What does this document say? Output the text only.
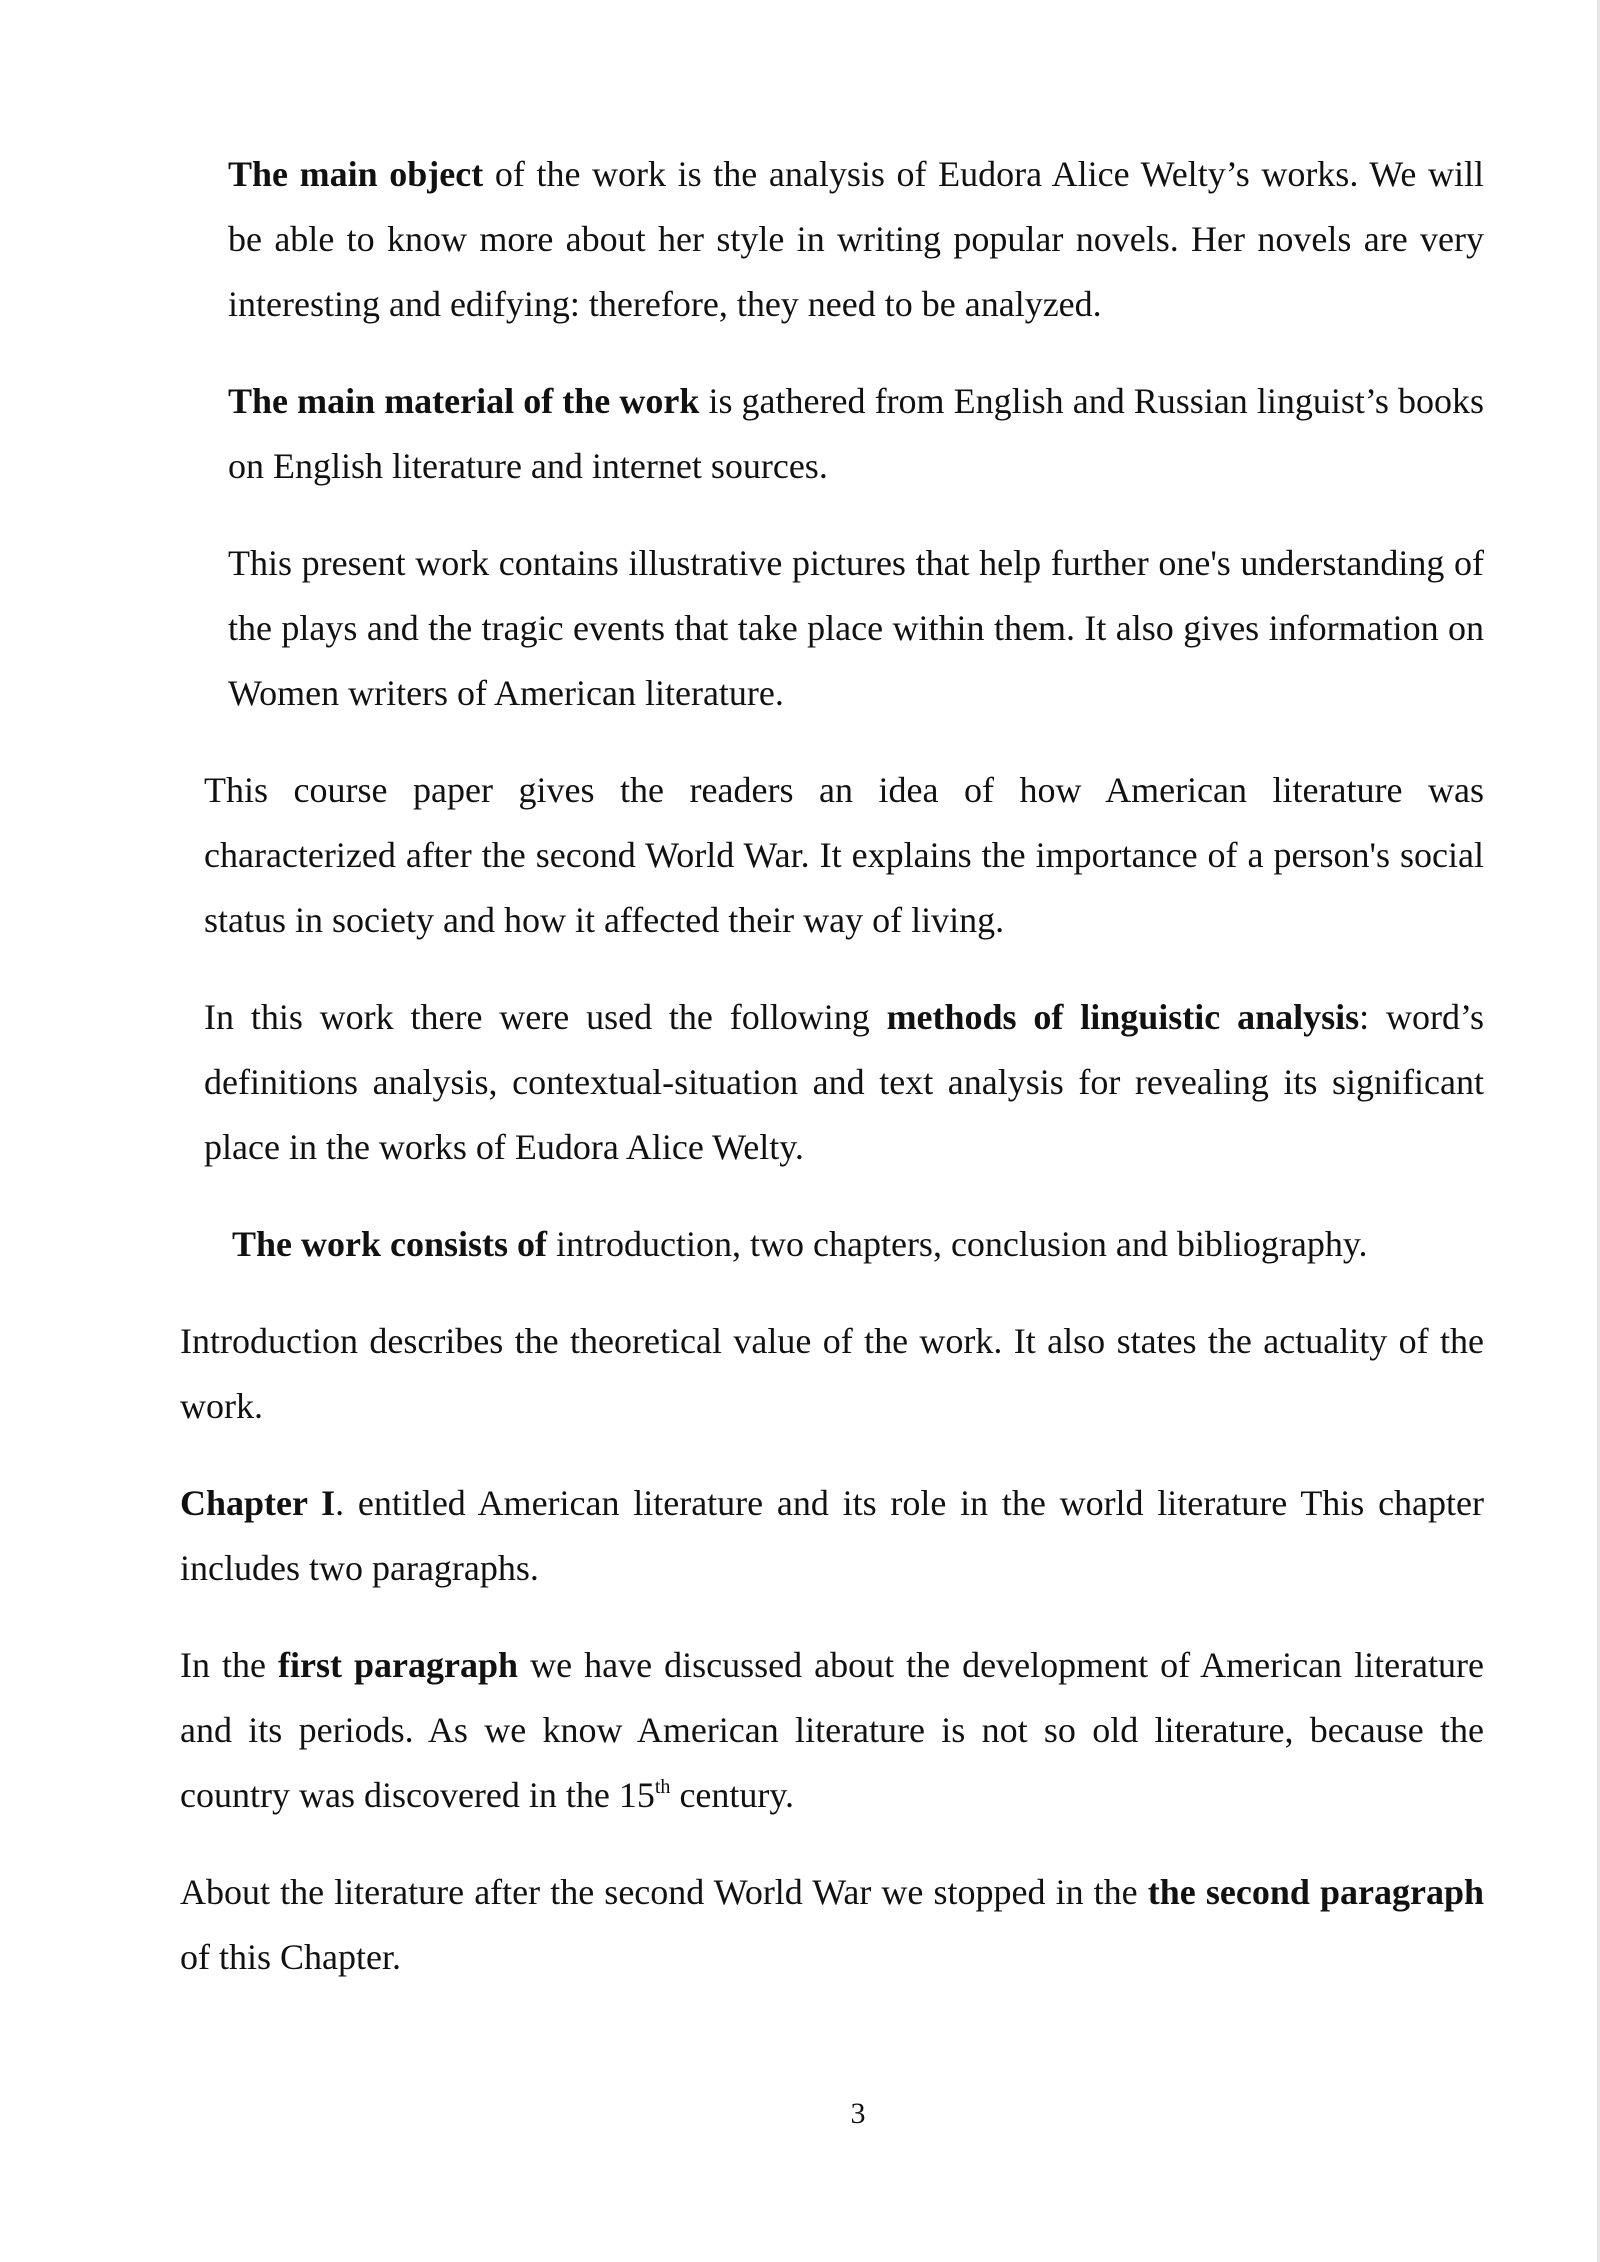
The main object of the work is the analysis of Eudora Alice Welty’s works. We will be able to know more about her style in writing popular novels. Her novels are very interesting and edifying: therefore, they need to be analyzed.

The main material of the work is gathered from English and Russian linguist’s books on English literature and internet sources.

This present work contains illustrative pictures that help further one's understanding of the plays and the tragic events that take place within them. It also gives information on Women writers of American literature.

This course paper gives the readers an idea of how American literature was characterized after the second World War. It explains the importance of a person's social status in society and how it affected their way of living.

In this work there were used the following methods of linguistic analysis: word’s definitions analysis, contextual-situation and text analysis for revealing its significant place in the works of Eudora Alice Welty.

The work consists of introduction, two chapters, conclusion and bibliography.

Introduction describes the theoretical value of the work. It also states the actuality of the work.

Chapter I. entitled American literature and its role in the world literature This chapter includes two paragraphs.

In the first paragraph we have discussed about the development of American literature and its periods. As we know American literature is not so old literature, because the country was discovered in the 15th century.

About the literature after the second World War we stopped in the the second paragraph of this Chapter.

3
